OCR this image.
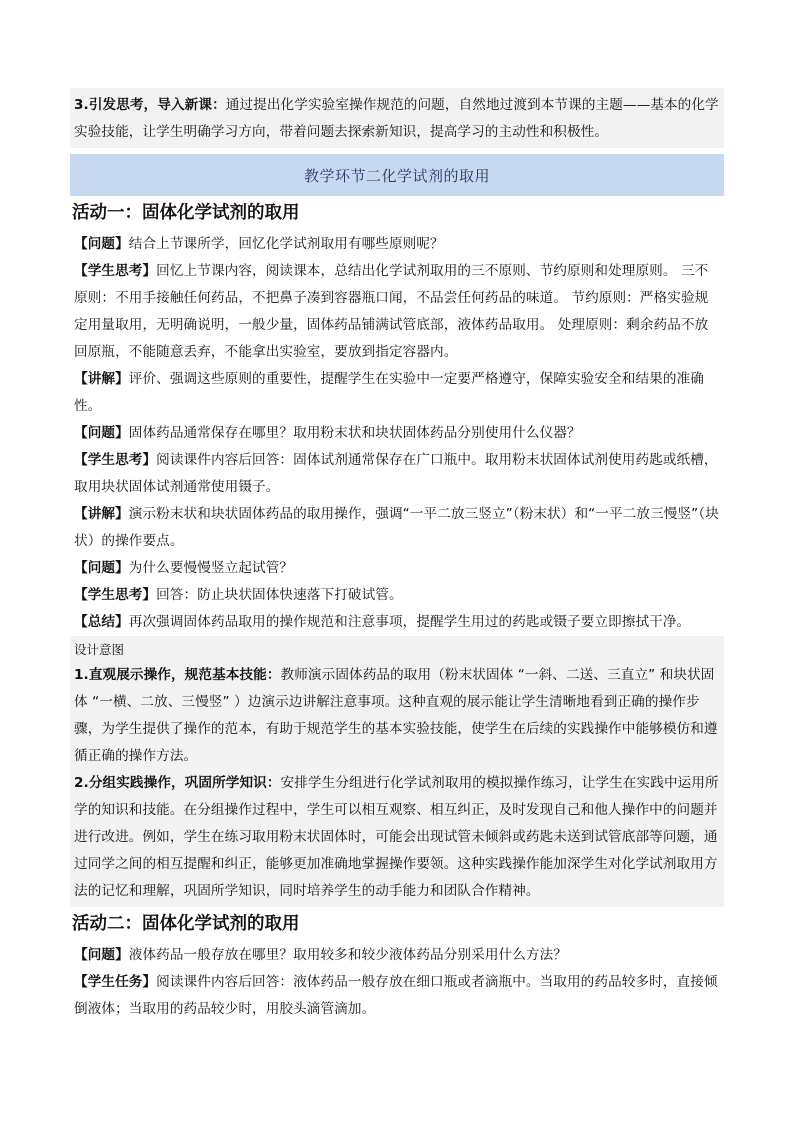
3.引发思考，导入新课：通过提出化学实验室操作规范的问题，自然地过渡到本节课的主题——基本的化学实验技能，让学生明确学习方向，带着问题去探索新知识，提高学习的主动性和积极性。

教学环节二化学试剂的取用
活动一：固体化学试剂的取用

【问题】结合上节课所学，回忆化学试剂取用有哪些原则呢？

【学生思考】回忆上节课内容，阅读课本，总结出化学试剂取用的三不原则、节约原则和处理原则。 三不原则：不用手接触任何药品，不把鼻子凑到容器瓶口闻，不品尝任何药品的味道。 节约原则：严格实验规定用量取用，无明确说明，一般少量，固体药品铺满试管底部，液体药品取用。 处理原则：剩余药品不放回原瓶，不能随意丢弃，不能拿出实验室，要放到指定容器内。

【讲解】评价、强调这些原则的重要性，提醒学生在实验中一定要严格遵守，保障实验安全和结果的准确性。

【问题】固体药品通常保存在哪里？取用粉末状和块状固体药品分别使用什么仪器？

【学生思考】阅读课件内容后回答：固体试剂通常保存在广口瓶中。取用粉末状固体试剂使用药匙或纸槽，取用块状固体试剂通常使用镊子。

【讲解】演示粉末状和块状固体药品的取用操作，强调“一平二放三竖立”（粉末状）和“一平二放三慢竖”（块状）的操作要点。

【问题】为什么要慢慢竖立起试管？

【学生思考】回答：防止块状固体快速落下打破试管。

【总结】再次强调固体药品取用的操作规范和注意事项，提醒学生用过的药匙或镊子要立即擦拭干净。

设计意图

1.直观展示操作，规范基本技能：教师演示固体药品的取用（粉末状固体 “一斜、二送、三直立” 和块状固体 “一横、二放、三慢竖” ）边演示边讲解注意事项。这种直观的展示能让学生清晰地看到正确的操作步骤，为学生提供了操作的范本，有助于规范学生的基本实验技能，使学生在后续的实践操作中能够模仿和遵循正确的操作方法。

2.分组实践操作，巩固所学知识：安排学生分组进行化学试剂取用的模拟操作练习，让学生在实践中运用所学的知识和技能。在分组操作过程中，学生可以相互观察、相互纠正，及时发现自己和他人操作中的问题并进行改进。例如，学生在练习取用粉末状固体时，可能会出现试管未倾斜或药匙未送到试管底部等问题，通过同学之间的相互提醒和纠正，能够更加准确地掌握操作要领。这种实践操作能加深学生对化学试剂取用方法的记忆和理解，巩固所学知识，同时培养学生的动手能力和团队合作精神。

活动二：固体化学试剂的取用

【问题】液体药品一般存放在哪里？取用较多和较少液体药品分别采用什么方法？

【学生任务】阅读课件内容后回答：液体药品一般存放在细口瓶或者滴瓶中。当取用的药品较多时，直接倾倒液体；当取用的药品较少时，用胶头滴管滴加。
